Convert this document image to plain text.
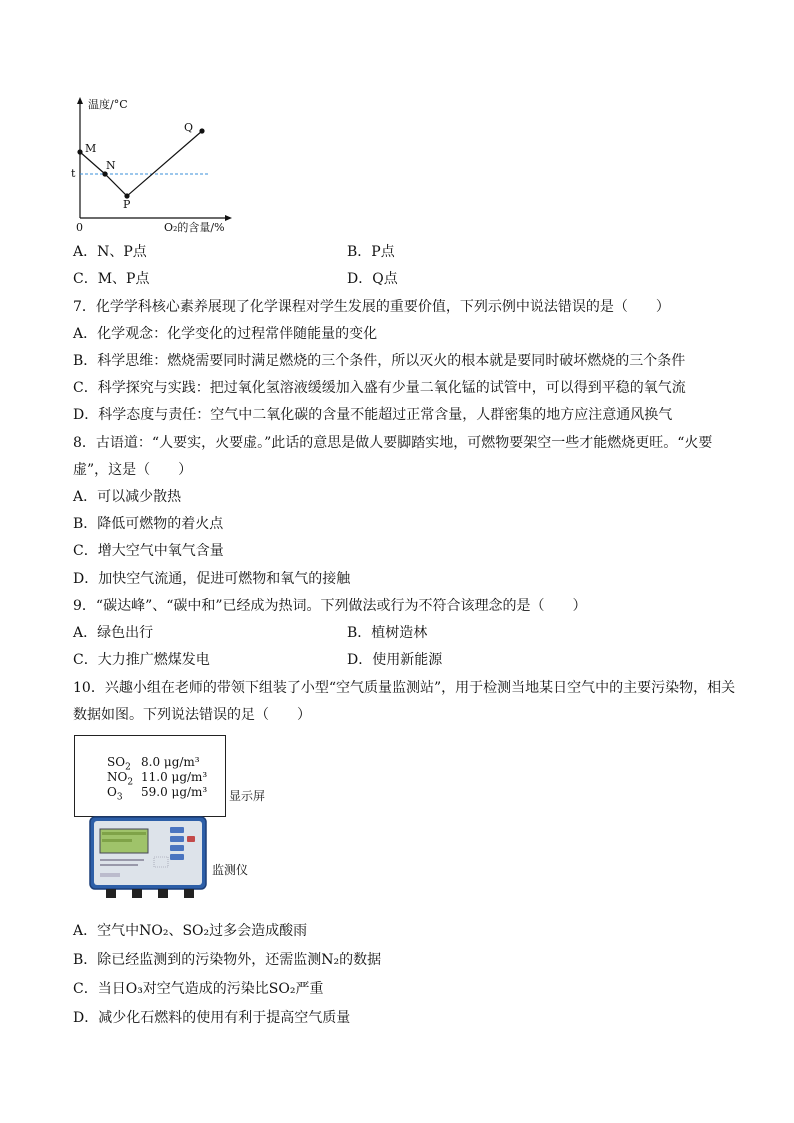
温度/°C
O₂的含量/%
0
t
M
N
P
Q
A．N、P点	B．P点
C．M、P点	D．Q点
7．化学学科核心素养展现了化学课程对学生发展的重要价值，下列示例中说法错误的是（　　）
A．化学观念：化学变化的过程常伴随能量的变化
B．科学思维：燃烧需要同时满足燃烧的三个条件，所以灭火的根本就是要同时破坏燃烧的三个条件
C．科学探究与实践：把过氧化氢溶液缓缓加入盛有少量二氧化锰的试管中，可以得到平稳的氧气流
D．科学态度与责任：空气中二氧化碳的含量不能超过正常含量，人群密集的地方应注意通风换气
8．古语道：“人要实，火要虚。”此话的意思是做人要脚踏实地，可燃物要架空一些才能燃烧更旺。“火要
虚”，这是（　　）
A．可以减少散热
B．降低可燃物的着火点
C．增大空气中氧气含量
D．加快空气流通，促进可燃物和氧气的接触
9．“碳达峰”、“碳中和”已经成为热词。下列做法或行为不符合该理念的是（　　）
A．绿色出行	B．植树造林
C．大力推广燃煤发电	D．使用新能源
10．兴趣小组在老师的带领下组装了小型“空气质量监测站”，用于检测当地某日空气中的主要污染物，相关
数据如图。下列说法错误的足（　　）
$SO_2$ 8.0 μg/m³
$NO_2$ 11.0 μg/m³
$O_3$ 59.0 μg/m³ 显示屏
监测仪
A．空气中NO₂、SO₂过多会造成酸雨
B．除已经监测到的污染物外，还需监测N₂的数据
C．当日O₃对空气造成的污染比SO₂严重
D．减少化石燃料的使用有利于提高空气质量
